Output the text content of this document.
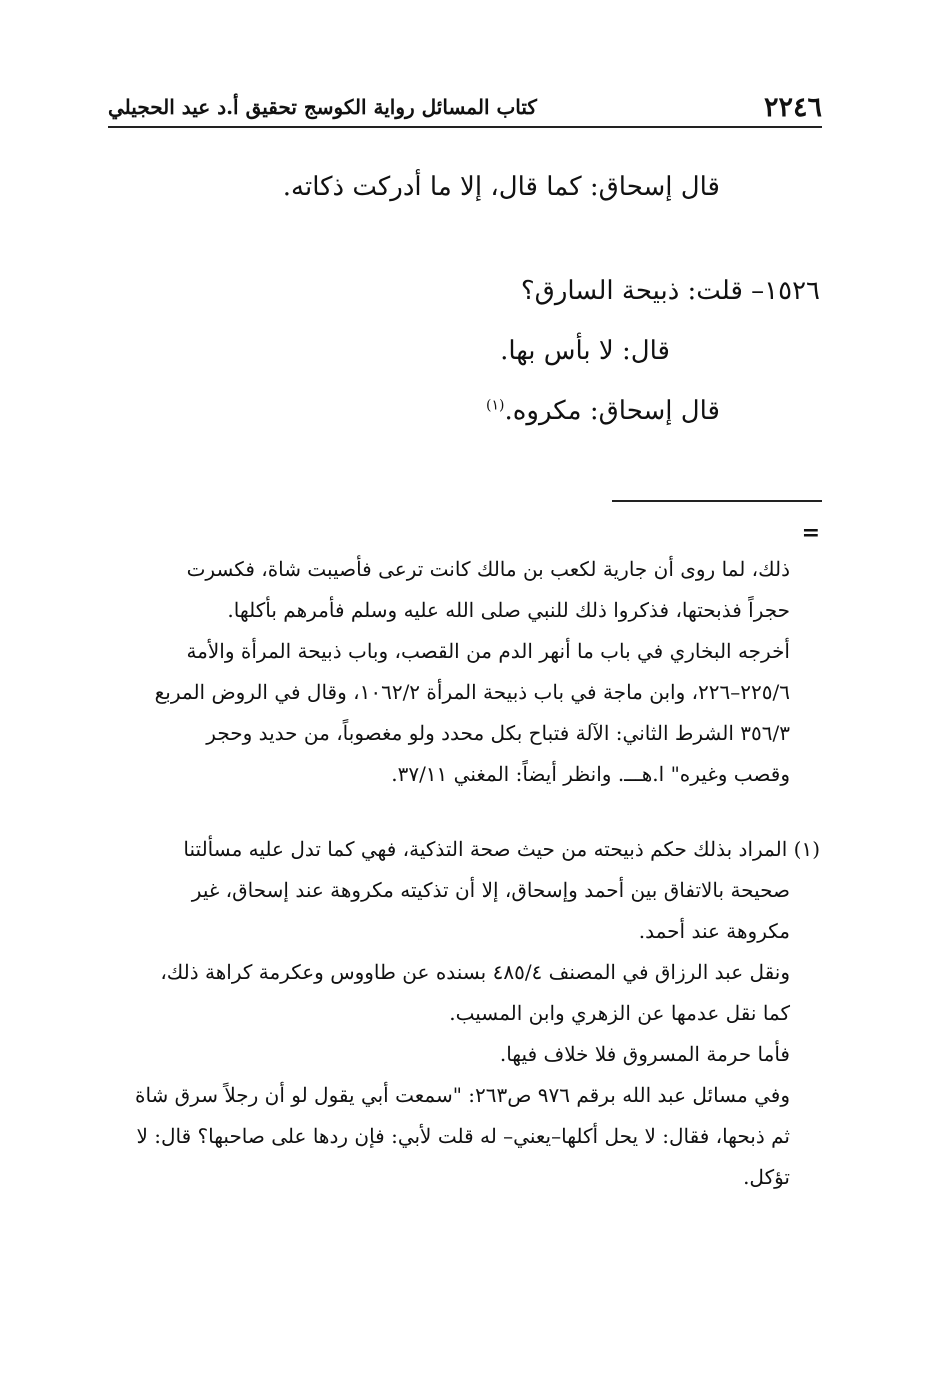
٢٢٤٦
كتاب المسائل رواية الكوسج تحقيق أ.د عيد الحجيلي

قال إسحاق: كما قال، إلا ما أدركت ذكاته.

١٥٢٦– قلت: ذبيحة السارق؟

قال: لا بأس بها.

قال إسحاق: مكروه.$^{(١)}$

=

ذلك، لما روى أن جارية لكعب بن مالك كانت ترعى فأصيبت شاة، فكسرت

حجراً فذبحتها، فذكروا ذلك للنبي صلى الله عليه وسلم فأمرهم بأكلها.

أخرجه البخاري في باب ما أنهر الدم من القصب، وباب ذبيحة المرأة والأمة

٢٢٥/٦–٢٢٦، وابن ماجة في باب ذبيحة المرأة ١٠٦٢/٢، وقال في الروض المربع

٣٥٦/٣ الشرط الثاني: الآلة فتباح بكل محدد ولو مغصوباً، من حديد وحجر

وقصب وغيره" ا.هـــ. وانظر أيضاً: المغني ٣٧/١١.

(١) المراد بذلك حكم ذبيحته من حيث صحة التذكية، فهي كما تدل عليه مسألتنا

صحيحة بالاتفاق بين أحمد وإسحاق، إلا أن تذكيته مكروهة عند إسحاق، غير

مكروهة عند أحمد.

ونقل عبد الرزاق في المصنف ٤٨٥/٤ بسنده عن طاووس وعكرمة كراهة ذلك،

كما نقل عدمها عن الزهري وابن المسيب.

فأما حرمة المسروق فلا خلاف فيها.

وفي مسائل عبد الله برقم ٩٧٦ ص٢٦٣: "سمعت أبي يقول لو أن رجلاً سرق شاة

ثم ذبحها، فقال: لا يحل أكلها–يعني– له قلت لأبي: فإن ردها على صاحبها؟ قال: لا

تؤكل.
